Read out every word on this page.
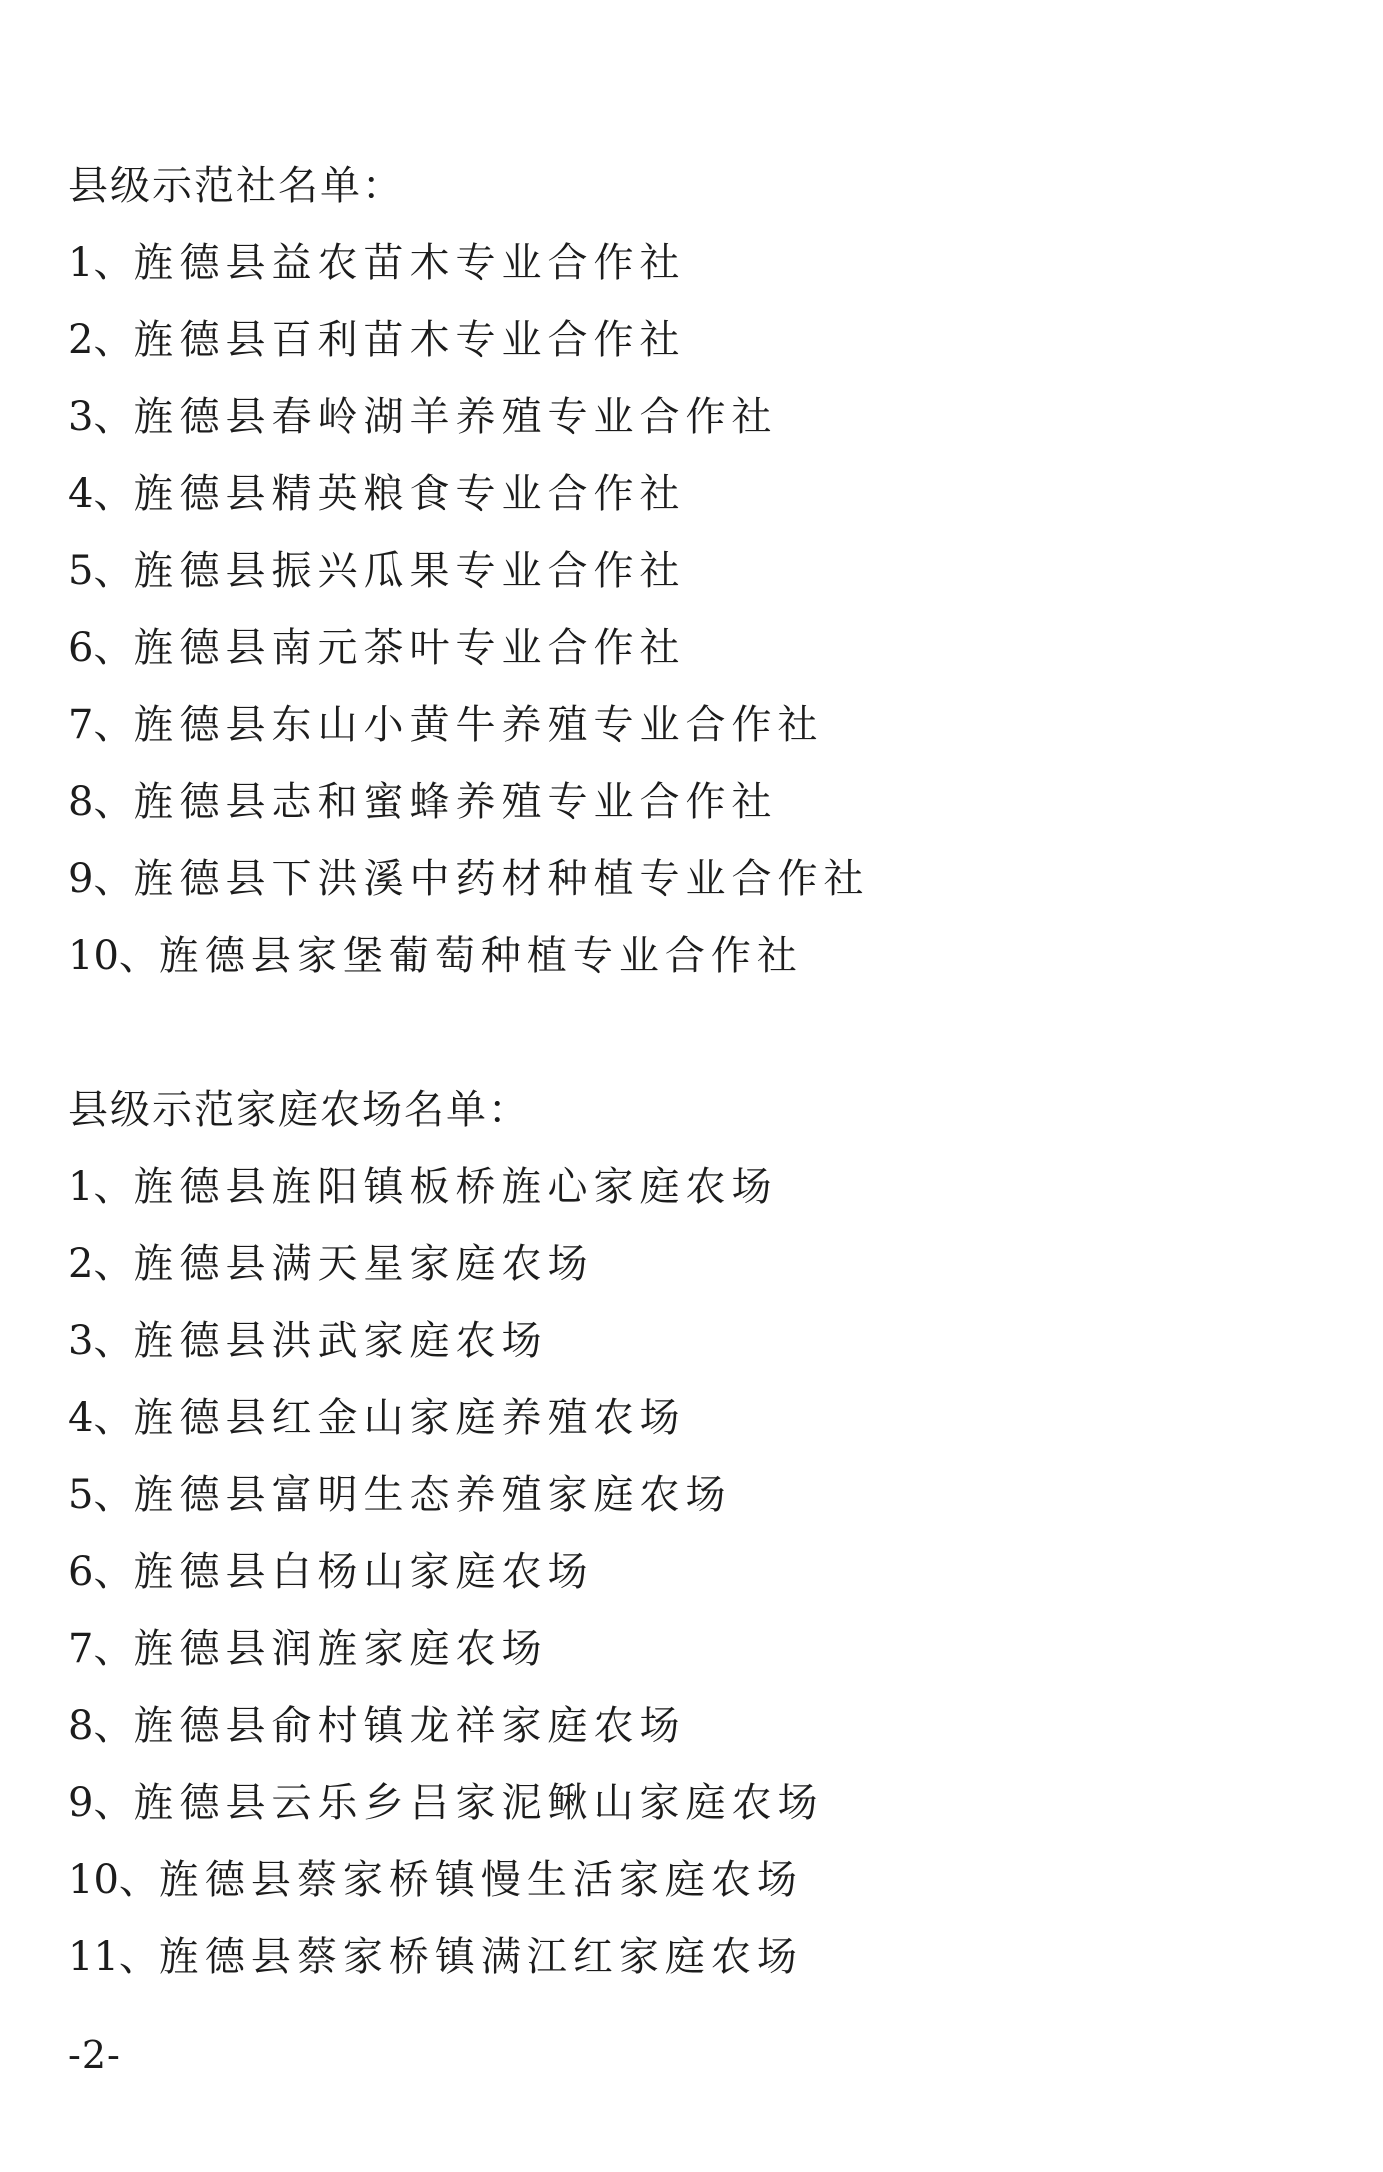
县级示范社名单：
1、旌德县益农苗木专业合作社
2、旌德县百利苗木专业合作社
3、旌德县春岭湖羊养殖专业合作社
4、旌德县精英粮食专业合作社
5、旌德县振兴瓜果专业合作社
6、旌德县南元茶叶专业合作社
7、旌德县东山小黄牛养殖专业合作社
8、旌德县志和蜜蜂养殖专业合作社
9、旌德县下洪溪中药材种植专业合作社
10、旌德县家堡葡萄种植专业合作社
县级示范家庭农场名单：
1、旌德县旌阳镇板桥旌心家庭农场
2、旌德县满天星家庭农场
3、旌德县洪武家庭农场
4、旌德县红金山家庭养殖农场
5、旌德县富明生态养殖家庭农场
6、旌德县白杨山家庭农场
7、旌德县润旌家庭农场
8、旌德县俞村镇龙祥家庭农场
9、旌德县云乐乡吕家泥鳅山家庭农场
10、旌德县蔡家桥镇慢生活家庭农场
11、旌德县蔡家桥镇满江红家庭农场
-2-
